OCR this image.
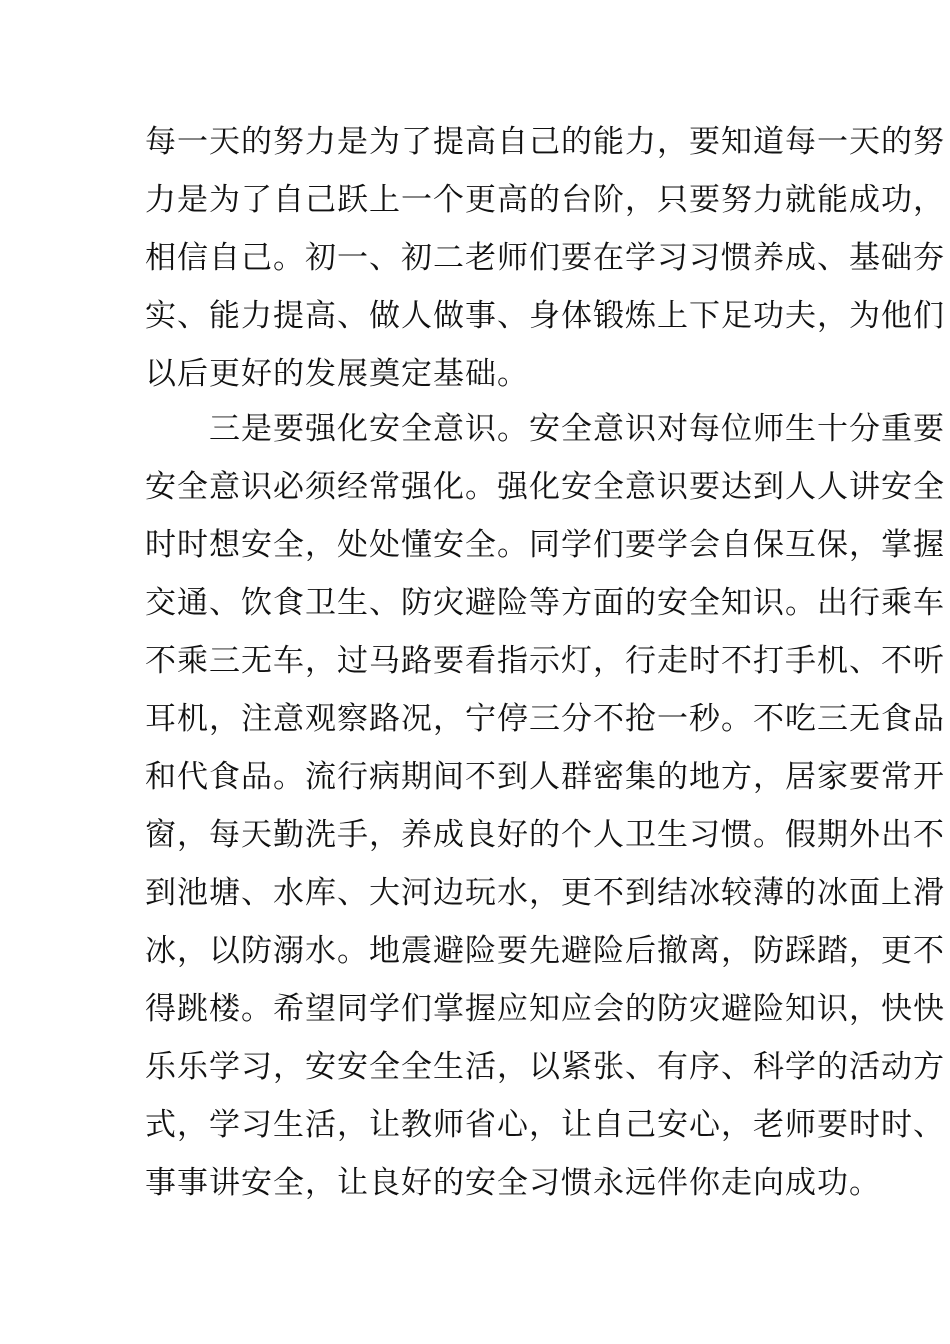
每一天的努力是为了提高自己的能力，要知道每一天的努
力是为了自己跃上一个更高的台阶，只要努力就能成功，
相信自己。初一、初二老师们要在学习习惯养成、基础夯
实、能力提高、做人做事、身体锻炼上下足功夫，为他们
以后更好的发展奠定基础。
　　三是要强化安全意识。安全意识对每位师生十分重要
安全意识必须经常强化。强化安全意识要达到人人讲安全
时时想安全，处处懂安全。同学们要学会自保互保，掌握
交通、饮食卫生、防灾避险等方面的安全知识。出行乘车
不乘三无车，过马路要看指示灯，行走时不打手机、不听
耳机，注意观察路况，宁停三分不抢一秒。不吃三无食品
和代食品。流行病期间不到人群密集的地方，居家要常开
窗，每天勤洗手，养成良好的个人卫生习惯。假期外出不
到池塘、水库、大河边玩水，更不到结冰较薄的冰面上滑
冰，以防溺水。地震避险要先避险后撤离，防踩踏，更不
得跳楼。希望同学们掌握应知应会的防灾避险知识，快快
乐乐学习，安安全全生活，以紧张、有序、科学的活动方
式，学习生活，让教师省心，让自己安心，老师要时时、
事事讲安全，让良好的安全习惯永远伴你走向成功。
